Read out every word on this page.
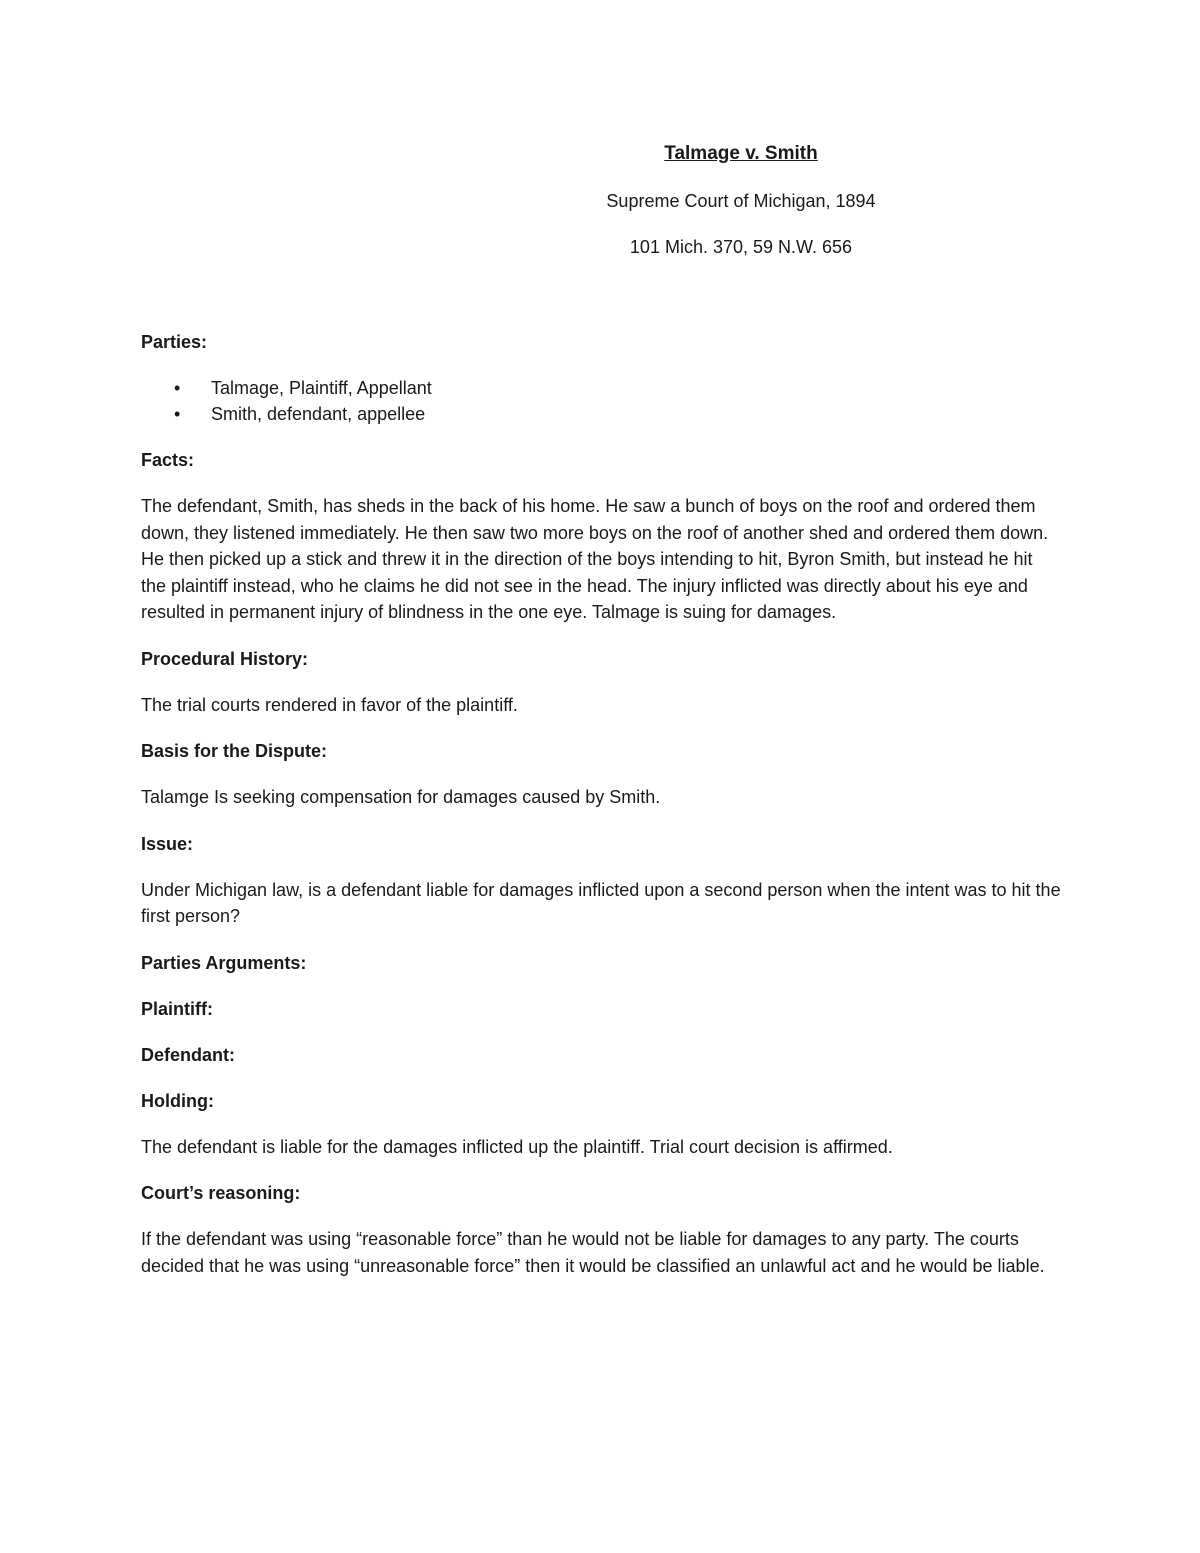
Talmage v. Smith

Supreme Court of Michigan, 1894

101 Mich. 370, 59 N.W. 656

Parties:

• Talmage, Plaintiff, Appellant
• Smith, defendant, appellee

Facts:

The defendant, Smith, has sheds in the back of his home. He saw a bunch of boys on the roof and ordered them down, they listened immediately. He then saw two more boys on the roof of another shed and ordered them down. He then picked up a stick and threw it in the direction of the boys intending to hit, Byron Smith, but instead he hit the plaintiff instead, who he claims he did not see in the head. The injury inflicted was directly about his eye and resulted in permanent injury of blindness in the one eye. Talmage is suing for damages.

Procedural History:

The trial courts rendered in favor of the plaintiff.

Basis for the Dispute:

Talamge Is seeking compensation for damages caused by Smith.

Issue:

Under Michigan law, is a defendant liable for damages inflicted upon a second person when the intent was to hit the first person?

Parties Arguments:

Plaintiff:

Defendant:

Holding:

The defendant is liable for the damages inflicted up the plaintiff. Trial court decision is affirmed.

Court’s reasoning:

If the defendant was using “reasonable force” than he would not be liable for damages to any party. The courts decided that he was using “unreasonable force” then it would be classified an unlawful act and he would be liable.
